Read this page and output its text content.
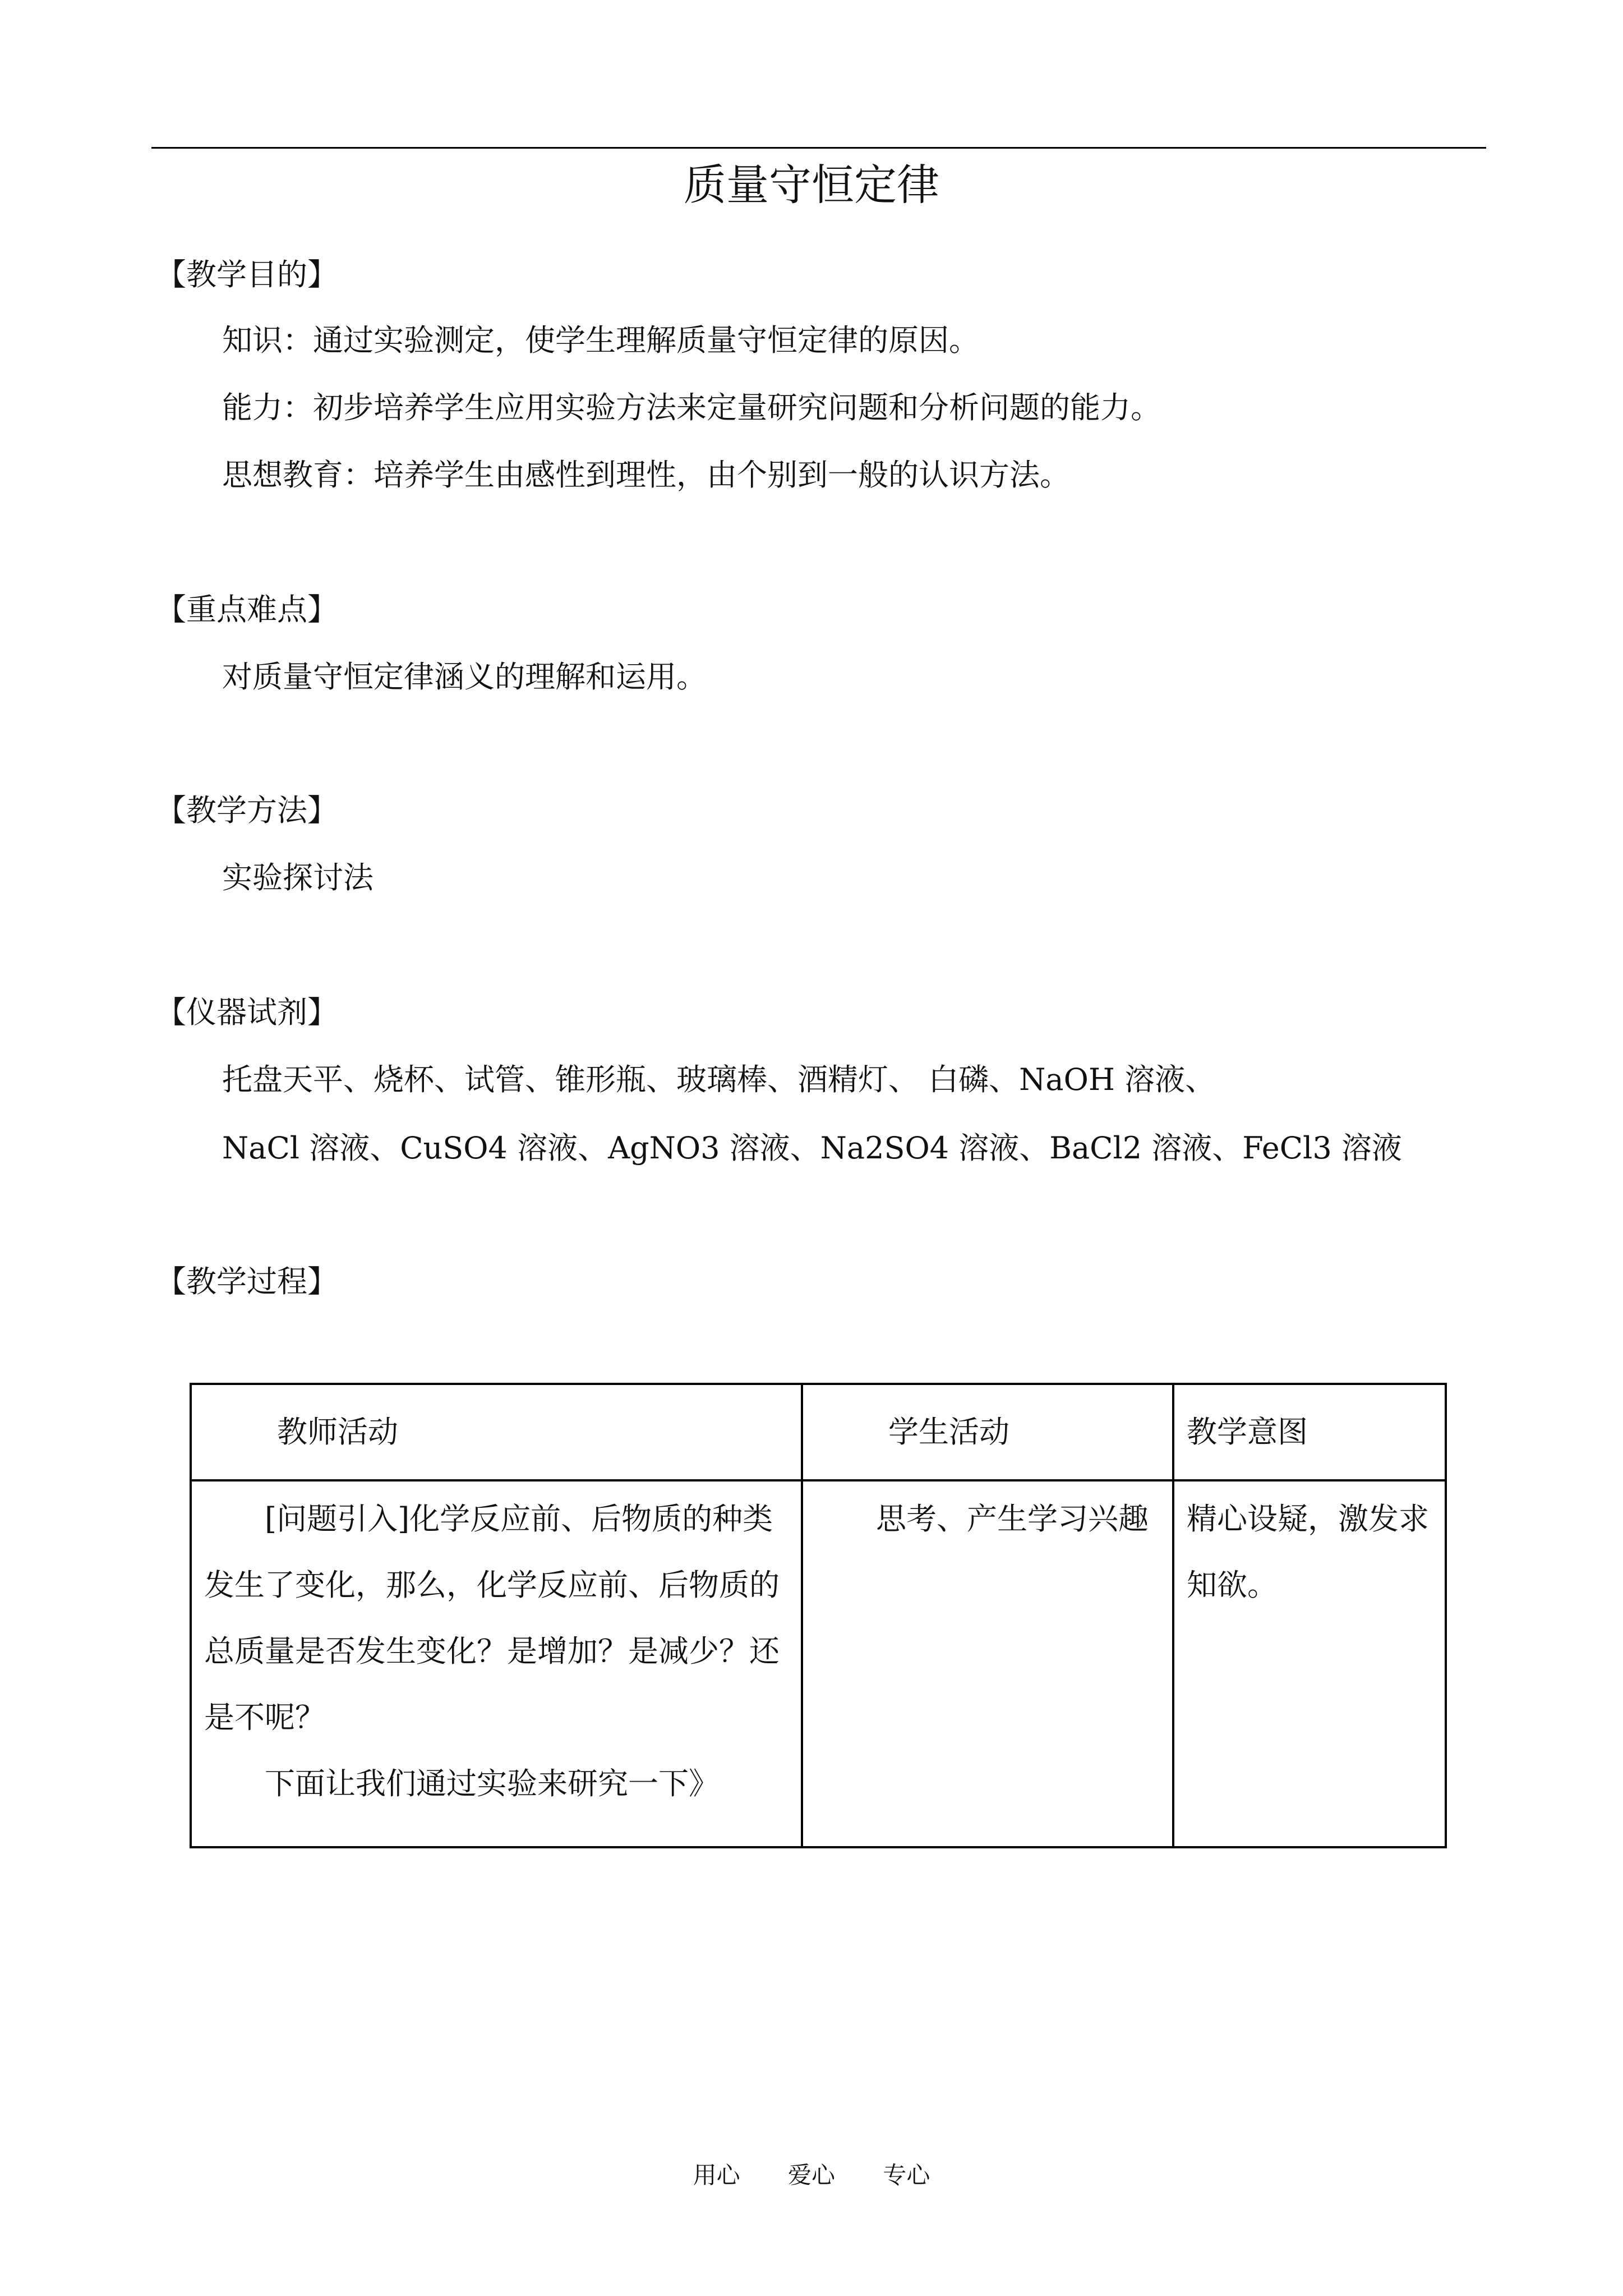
质量守恒定律
【教学目的】
知识：通过实验测定，使学生理解质量守恒定律的原因。
能力：初步培养学生应用实验方法来定量研究问题和分析问题的能力。
思想教育：培养学生由感性到理性，由个别到一般的认识方法。
【重点难点】
对质量守恒定律涵义的理解和运用。
【教学方法】
实验探讨法
【仪器试剂】
托盘天平、烧杯、试管、锥形瓶、玻璃棒、酒精灯、 白磷、NaOH 溶液、
NaCl 溶液、CuSO4 溶液、AgNO3 溶液、Na2SO4 溶液、BaCl2 溶液、FeCl3 溶液
【教学过程】
教师活动	学生活动	教学意图

[问题引入]化学反应前、后物质的种类发生了变化，那么，化学反应前、后物质的总质量是否发生变化？是增加？是减少？还是不呢？
下面让我们通过实验来研究一下》	思考、产生学习兴趣	精心设疑，激发求知欲。
用心 爱心 专心
